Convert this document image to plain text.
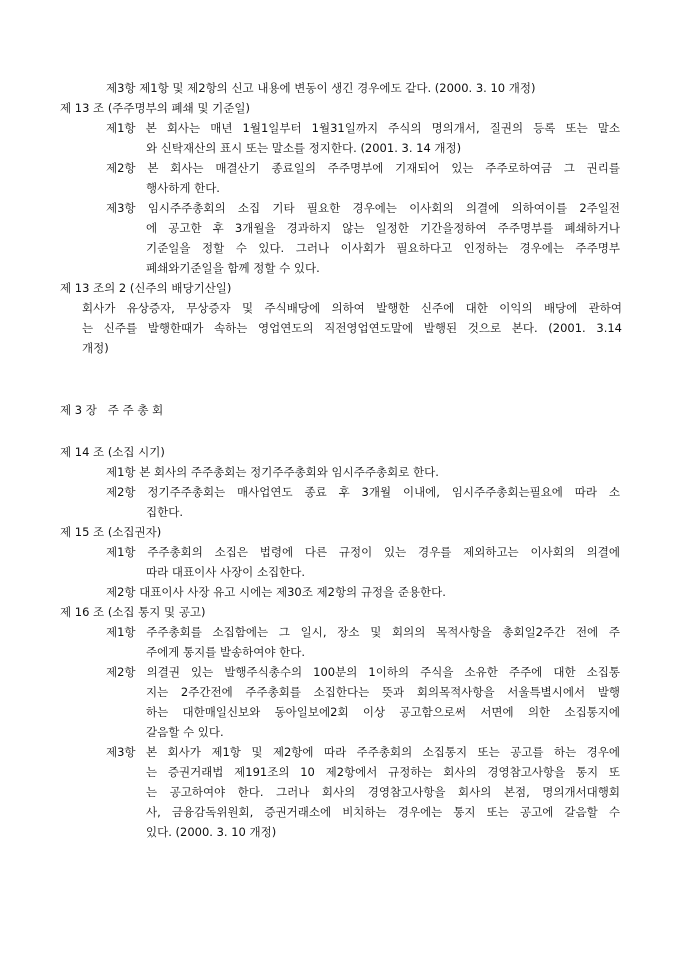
제3항 제1항 및 제2항의 신고 내용에 변동이 생긴 경우에도 같다. (2000. 3. 10 개정)
제 13 조 (주주명부의 폐쇄 및 기준일)
제1항 본 회사는 매년 1월1일부터 1월31일까지 주식의 명의개서, 질권의 등록 또는 말소
와 신탁재산의 표시 또는 말소를 정지한다. (2001. 3. 14 개정)
제2항 본 회사는 매결산기 종료일의 주주명부에 기재되어 있는 주주로하여금 그 권리를
행사하게 한다.
제3항 임시주주총회의 소집 기타 필요한 경우에는 이사회의 의결에 의하여이를 2주일전
에 공고한 후 3개월을 경과하지 않는 일정한 기간을정하여 주주명부를 폐쇄하거나
기준일을 정할 수 있다. 그러나 이사회가 필요하다고 인정하는 경우에는 주주명부
폐쇄와기준일을 함께 정할 수 있다.
제 13 조의 2 (신주의 배당기산일)
회사가 유상증자, 무상증자 및 주식배당에 의하여 발행한 신주에 대한 이익의 배당에 관하여
는 신주를 발행한때가 속하는 영업연도의 직전영업연도말에 발행된 것으로 본다. (2001. 3.14
개정)
제 3 장   주 주 총 회
제 14 조 (소집 시기)
제1항 본 회사의 주주총회는 정기주주총회와 임시주주총회로 한다.
제2항 정기주주총회는 매사업연도 종료 후 3개월 이내에, 임시주주총회는필요에 따라 소
집한다.
제 15 조 (소집권자)
제1항 주주총회의 소집은 법령에 다른 규정이 있는 경우를 제외하고는 이사회의 의결에
따라 대표이사 사장이 소집한다.
제2항 대표이사 사장 유고 시에는 제30조 제2항의 규정을 준용한다.
제 16 조 (소집 통지 및 공고)
제1항 주주총회를 소집함에는 그 일시, 장소 및 회의의 목적사항을 총회일2주간 전에 주
주에게 통지를 발송하여야 한다.
제2항 의결권 있는 발행주식총수의 100분의 1이하의 주식을 소유한 주주에 대한 소집통
지는 2주간전에 주주총회를 소집한다는 뜻과 회의목적사항을 서울특별시에서 발행
하는 대한매일신보와 동아일보에2회 이상 공고함으로써 서면에 의한 소집통지에
갈음할 수 있다.
제3항 본 회사가 제1항 및 제2항에 따라 주주총회의 소집통지 또는 공고를 하는 경우에
는 증권거래법 제191조의 10 제2항에서 규정하는 회사의 경영참고사항을 통지 또
는 공고하여야 한다. 그러나 회사의 경영참고사항을 회사의 본점, 명의개서대행회
사, 금융감독위원회, 증권거래소에 비치하는 경우에는 통지 또는 공고에 갈음할 수
있다. (2000. 3. 10 개정)
